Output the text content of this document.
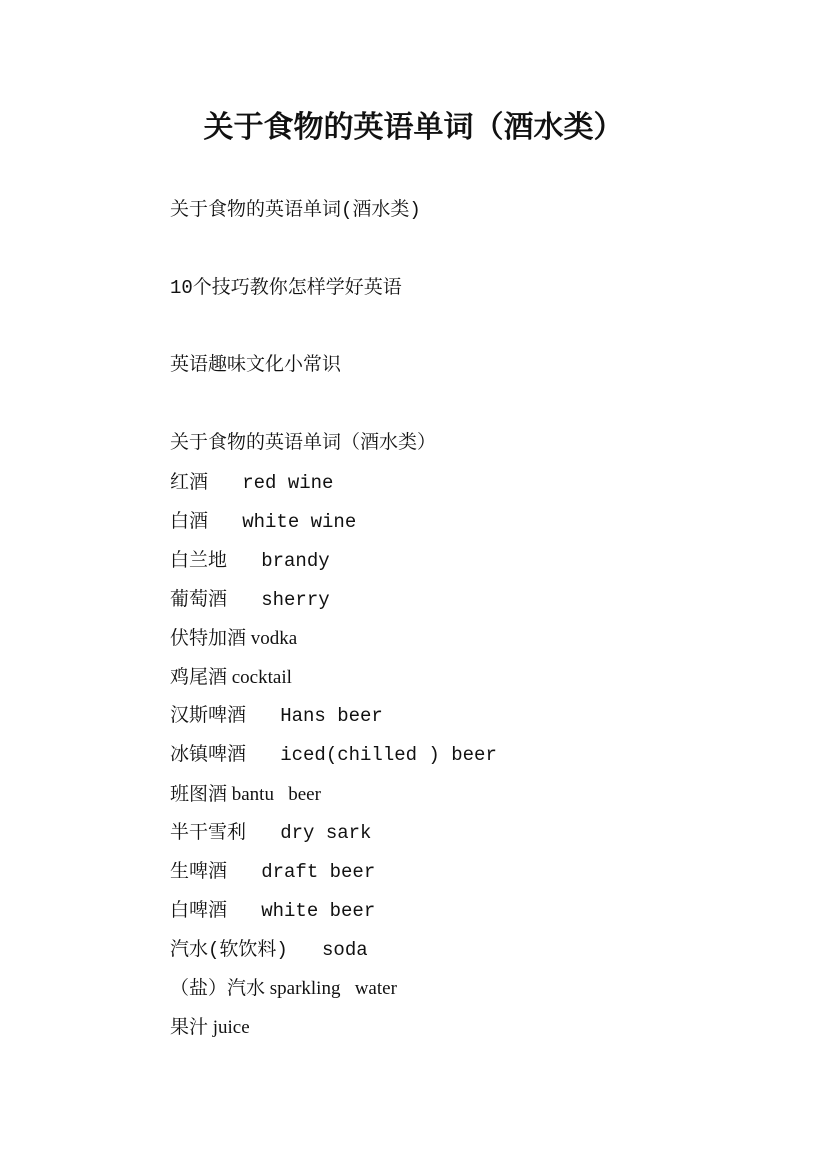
关于食物的英语单词（酒水类）
关于食物的英语单词(酒水类)
10个技巧教你怎样学好英语
英语趣味文化小常识
关于食物的英语单词（酒水类）
红酒   red wine
白酒   white wine
白兰地   brandy
葡萄酒   sherry
伏特加酒 vodka
鸡尾酒 cocktail
汉斯啤酒   Hans beer
冰镇啤酒   iced(chilled ) beer
班图酒 bantu   beer
半干雪利   dry sark
生啤酒   draft beer
白啤酒   white beer
汽水(软饮料)   soda
（盐）汽水 sparkling   water
果汁 juice
